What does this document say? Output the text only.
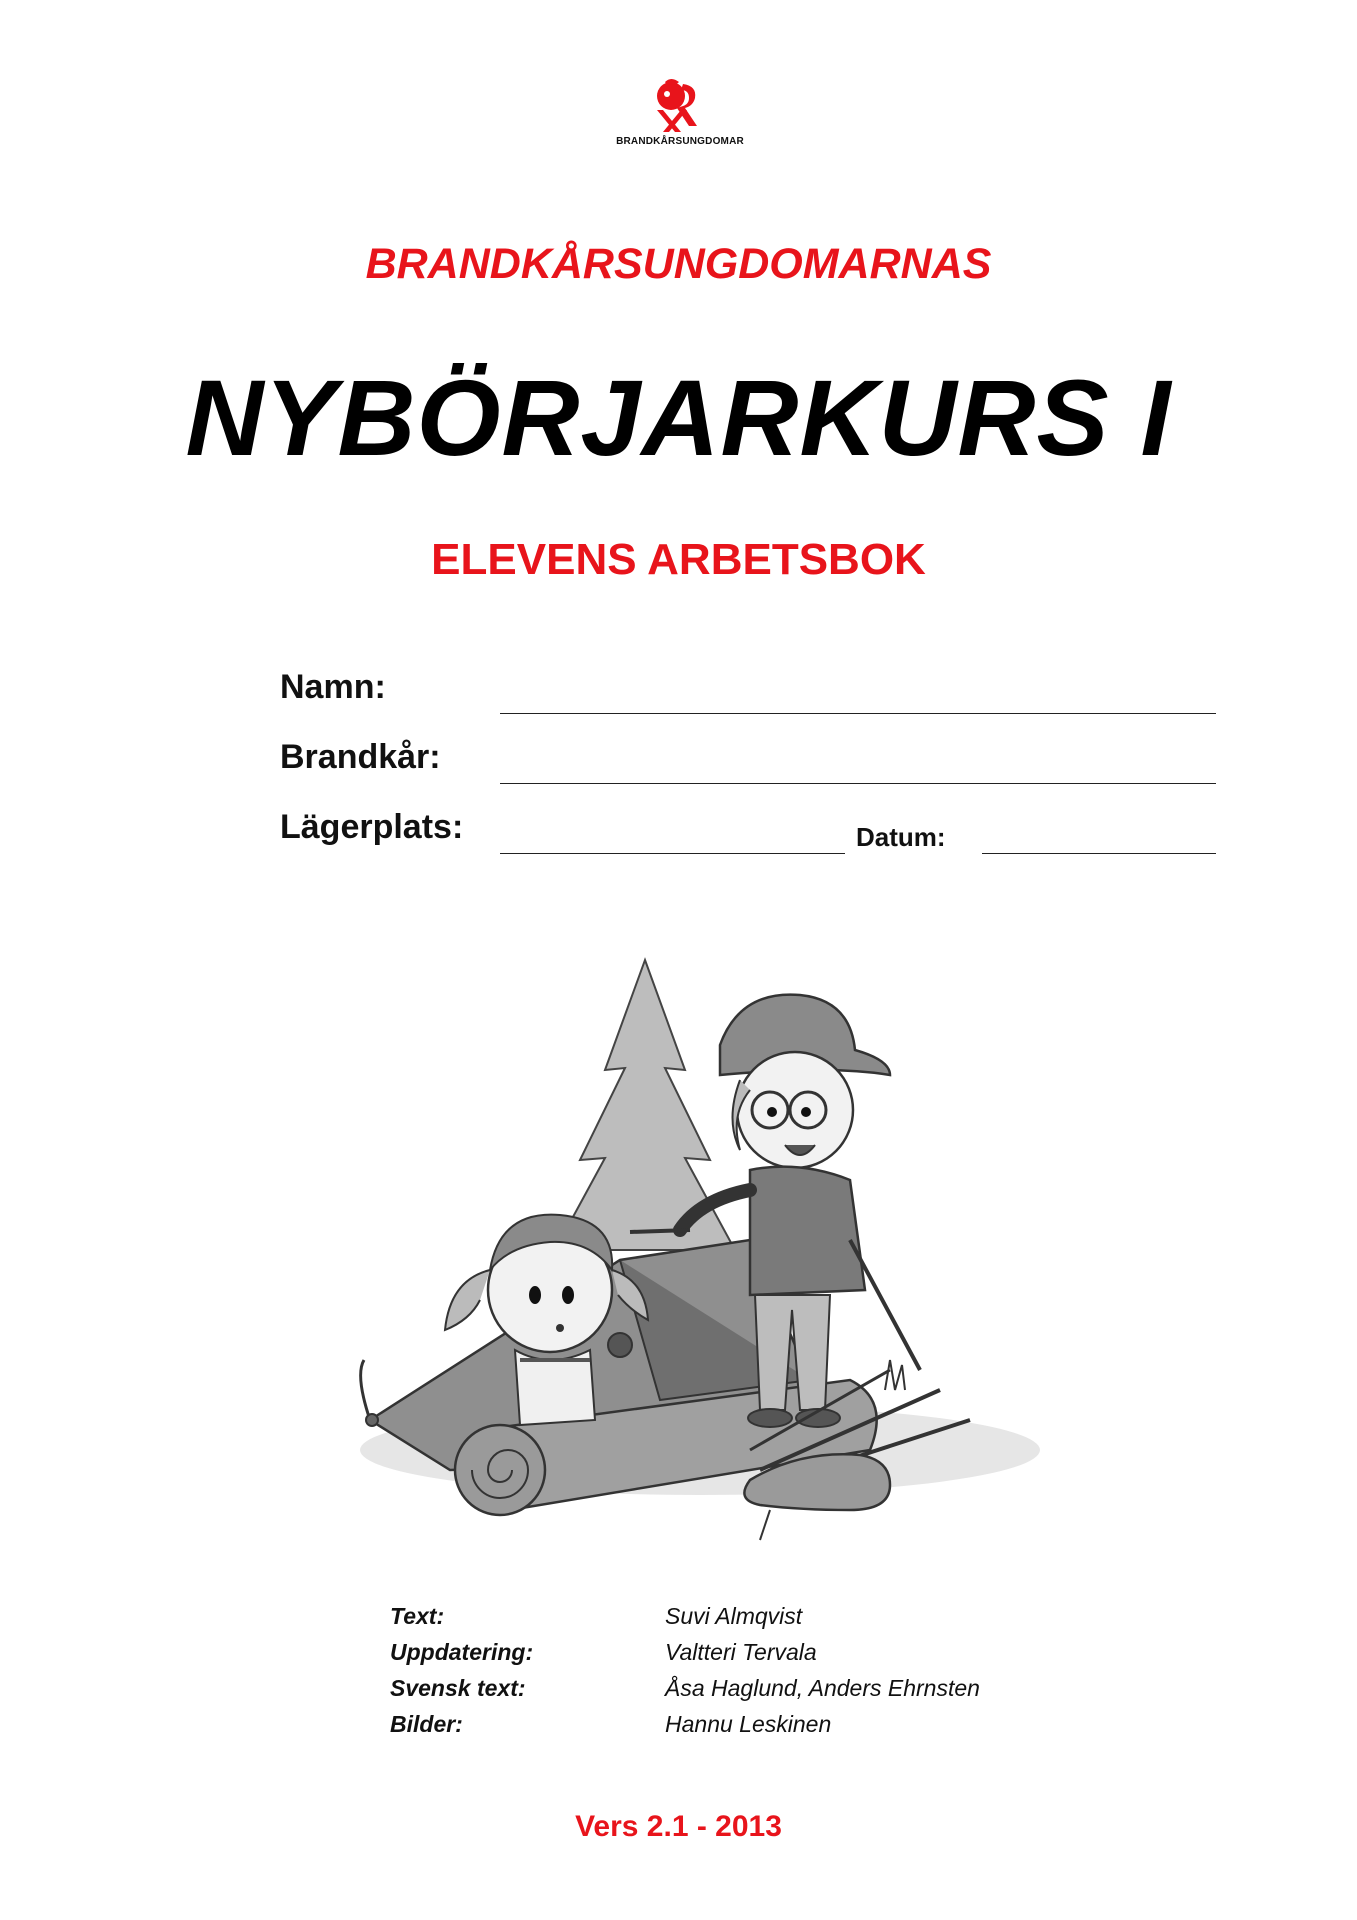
BRANDKÅRSUNGDOMAR
BRANDKÅRSUNGDOMARNAS
NYBÖRJARKURS I
ELEVENS ARBETSBOK
Namn:
Brandkår:
Lägerplats:	Datum:
Text:	Suvi Almqvist
Uppdatering:	Valtteri Tervala
Svensk text:	Åsa Haglund, Anders Ehrnsten
Bilder:	Hannu Leskinen
Vers 2.1 - 2013
